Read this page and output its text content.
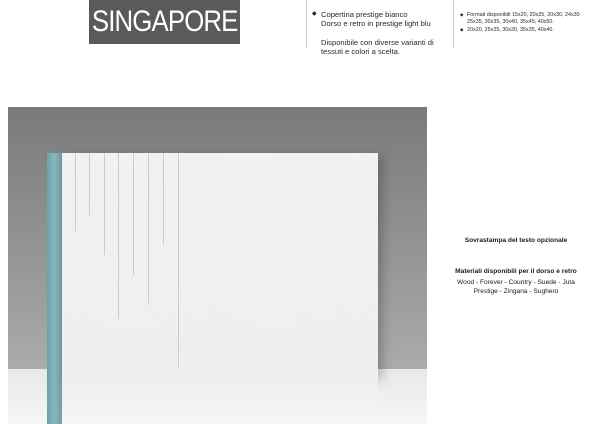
SINGAPORE	◆ Copertina prestige bianco
Dorso e retro in prestige light blu
Disponibile con diverse varianti di
tessuti e colori a scelta.
◆ Formati disponibili 15x20, 20x25, 20x30, 24x30
25x35, 30x35, 30x40, 35x45, 40x50.
◆ 20x20, 25x25, 30x30, 35x35, 40x40.
Sovrastampa del testo opzionale
Materiali disponibili per il dorso e retro
Wood - Forever - Country - Suede - Juta
Prestige - Zingana - Sughero
